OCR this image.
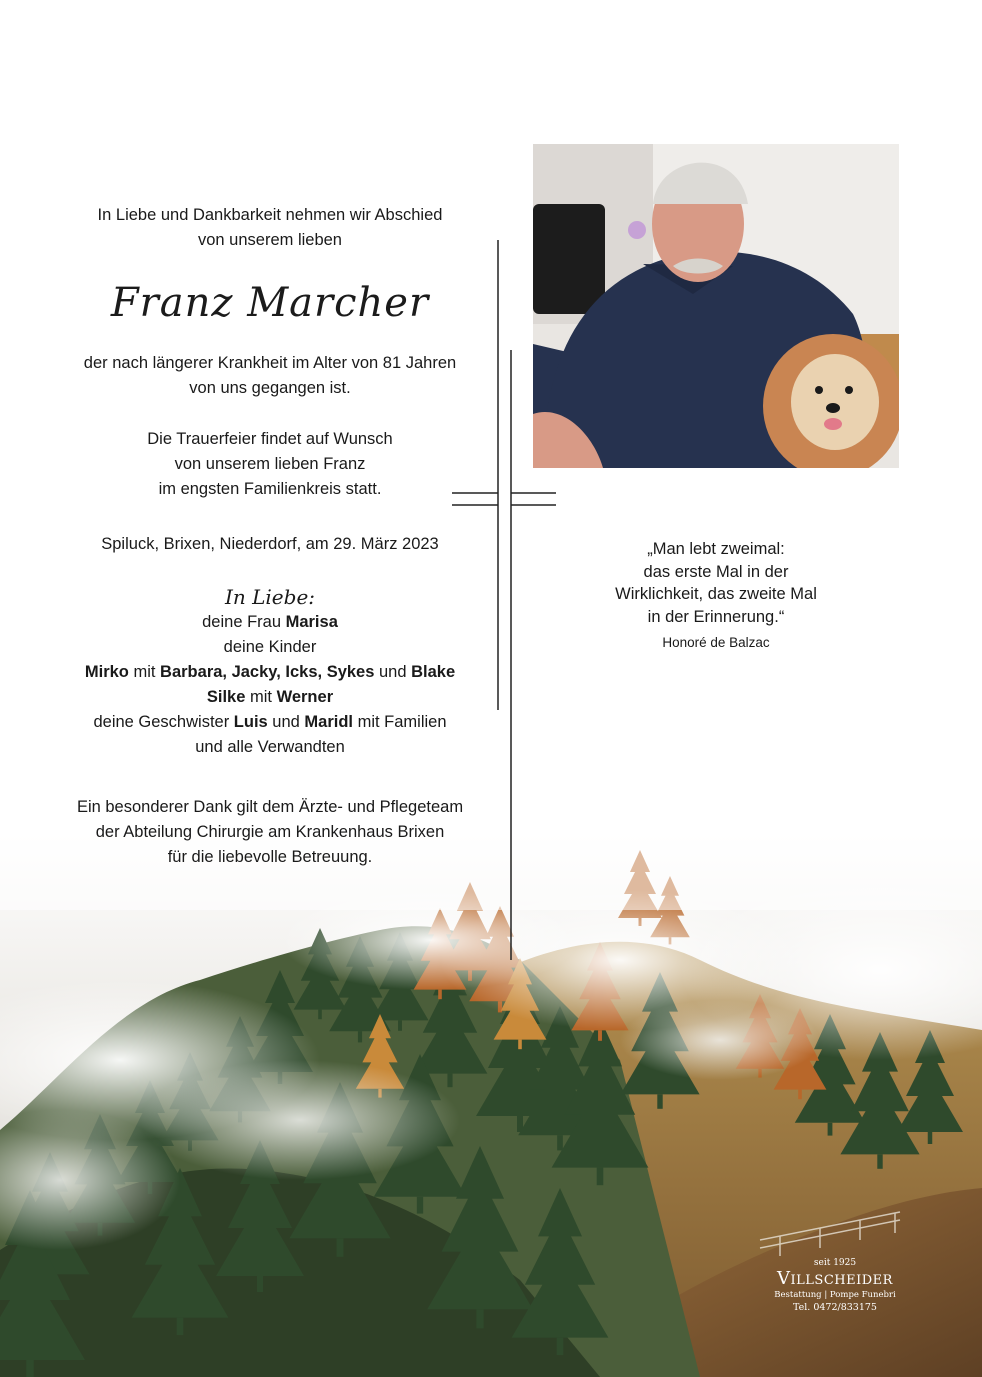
In Liebe und Dankbarkeit nehmen wir Abschied

von unserem lieben

Franz Marcher

der nach längerer Krankheit im Alter von 81 Jahren

von uns gegangen ist.

Die Trauerfeier findet auf Wunsch

von unserem lieben Franz

im engsten Familienkreis statt.

Spiluck, Brixen, Niederdorf, am 29. März 2023

In Liebe:

deine Frau Marisa

deine Kinder

Mirko mit Barbara, Jacky, Icks, Sykes und Blake

Silke mit Werner

deine Geschwister Luis und Maridl mit Familien

und alle Verwandten

Ein besonderer Dank gilt dem Ärzte- und Pflegeteam

der Abteilung Chirurgie am Krankenhaus Brixen

für die liebevolle Betreuung.

„Man lebt zweimal:

das erste Mal in der

Wirklichkeit, das zweite Mal

in der Erinnerung.“

Honoré de Balzac
seit 1925
Villscheider
Bestattung | Pompe Funebri
Tel. 0472/833175
